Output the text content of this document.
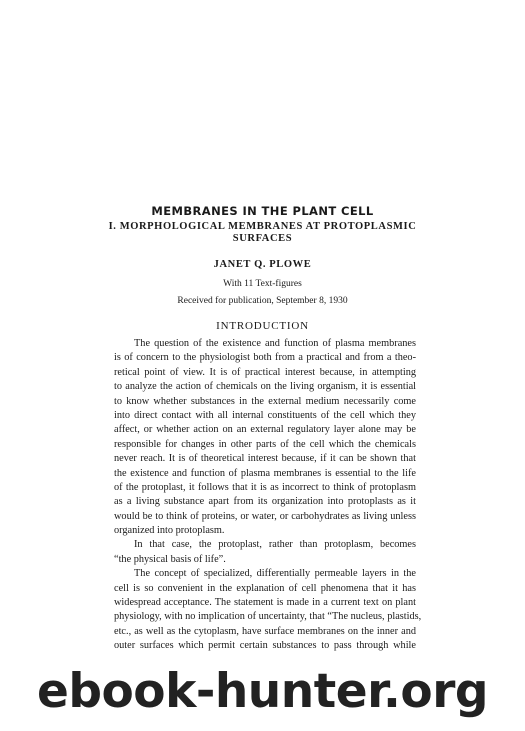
MEMBRANES IN THE PLANT CELL
I. MORPHOLOGICAL MEMBRANES AT PROTOPLASMIC
SURFACES
JANET Q. PLOWE
With 11 Text-figures
Received for publication, September 8, 1930
INTRODUCTION
The question of the existence and function of plasma membranes
is of concern to the physiologist both from a practical and from a theo-
retical point of view. It is of practical interest because, in attempting
to analyze the action of chemicals on the living organism, it is essential
to know whether substances in the external medium necessarily come
into direct contact with all internal constituents of the cell which they
affect, or whether action on an external regulatory layer alone may be
responsible for changes in other parts of the cell which the chemicals
never reach. It is of theoretical interest because, if it can be shown that
the existence and function of plasma membranes is essential to the life
of the protoplast, it follows that it is as incorrect to think of protoplasm
as a living substance apart from its organization into protoplasts as it
would be to think of proteins, or water, or carbohydrates as living unless
organized into protoplasm.
In that case, the protoplast, rather than protoplasm, becomes
“the physical basis of life”.
The concept of specialized, differentially permeable layers in the
cell is so convenient in the explanation of cell phenomena that it has
widespread acceptance. The statement is made in a current text on plant
physiology, with no implication of uncertainty, that “The nucleus, plastids,
etc., as well as the cytoplasm, have surface membranes on the inner and
outer surfaces which permit certain substances to pass through while
ebook-hunter.org
